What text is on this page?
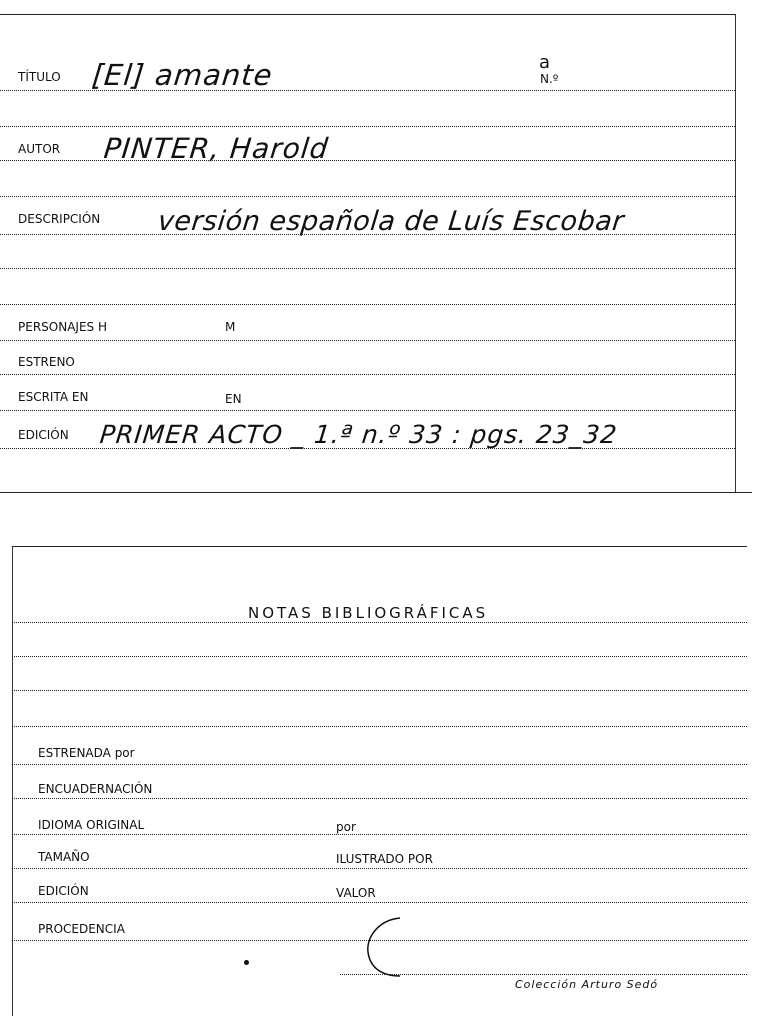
TÍTULO [El] amante	a
N.º
AUTOR PINTER, Harold
DESCRIPCIÓN versión española de Luís Escobar
PERSONAJES H	M
ESTRENO
ESCRITA EN	EN
EDICIÓN PRIMER ACTO _ 1.ª n.º 33 : pgs. 23_32
NOTAS BIBLIOGRÁFICAS
ESTRENADA por
ENCUADERNACIÓN
IDIOMA ORIGINAL	por
TAMAÑO	ILUSTRADO POR
EDICIÓN	VALOR
PROCEDENCIA
Colección Arturo Sedó
